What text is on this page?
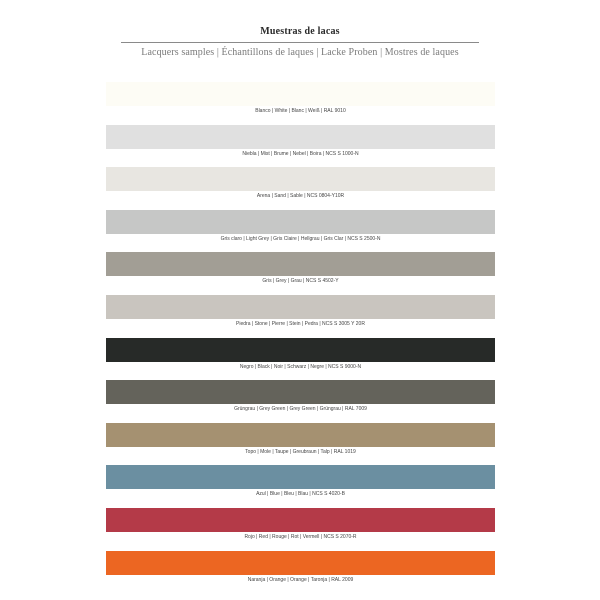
Muestras de lacas

Lacquers samples | Échantillons de laques | Lacke Proben | Mostres de laques
Blanco | White | Blanc | Weiß | RAL 9010
Niebla | Mist | Brume | Nebel | Boira | NCS S 1000-N
Arena | Sand | Sable | NCS 0804-Y10R
Gris claro | Light Grey | Gris Claire | Hellgrau | Gris Clar | NCS S 2500-N
Gris | Grey | Grau | NCS S 4502-Y
Piedra | Stone | Pierre | Stein | Pedra | NCS S 3005 Y 20R
Negro | Black | Noir | Schwarz | Negre | NCS S 9000-N
Grüngrau | Grey Green | Grey Green | Grüngrau | RAL 7009
Topo | Mole | Taupe | Greubraun | Talp | RAL 1019
Azul | Blue | Bleu | Blau | NCS S 4020-B
Rojo | Red | Rouge | Rot | Vermell | NCS S 2070-R
Naranja | Orange | Orange | Taronja | RAL 2009
